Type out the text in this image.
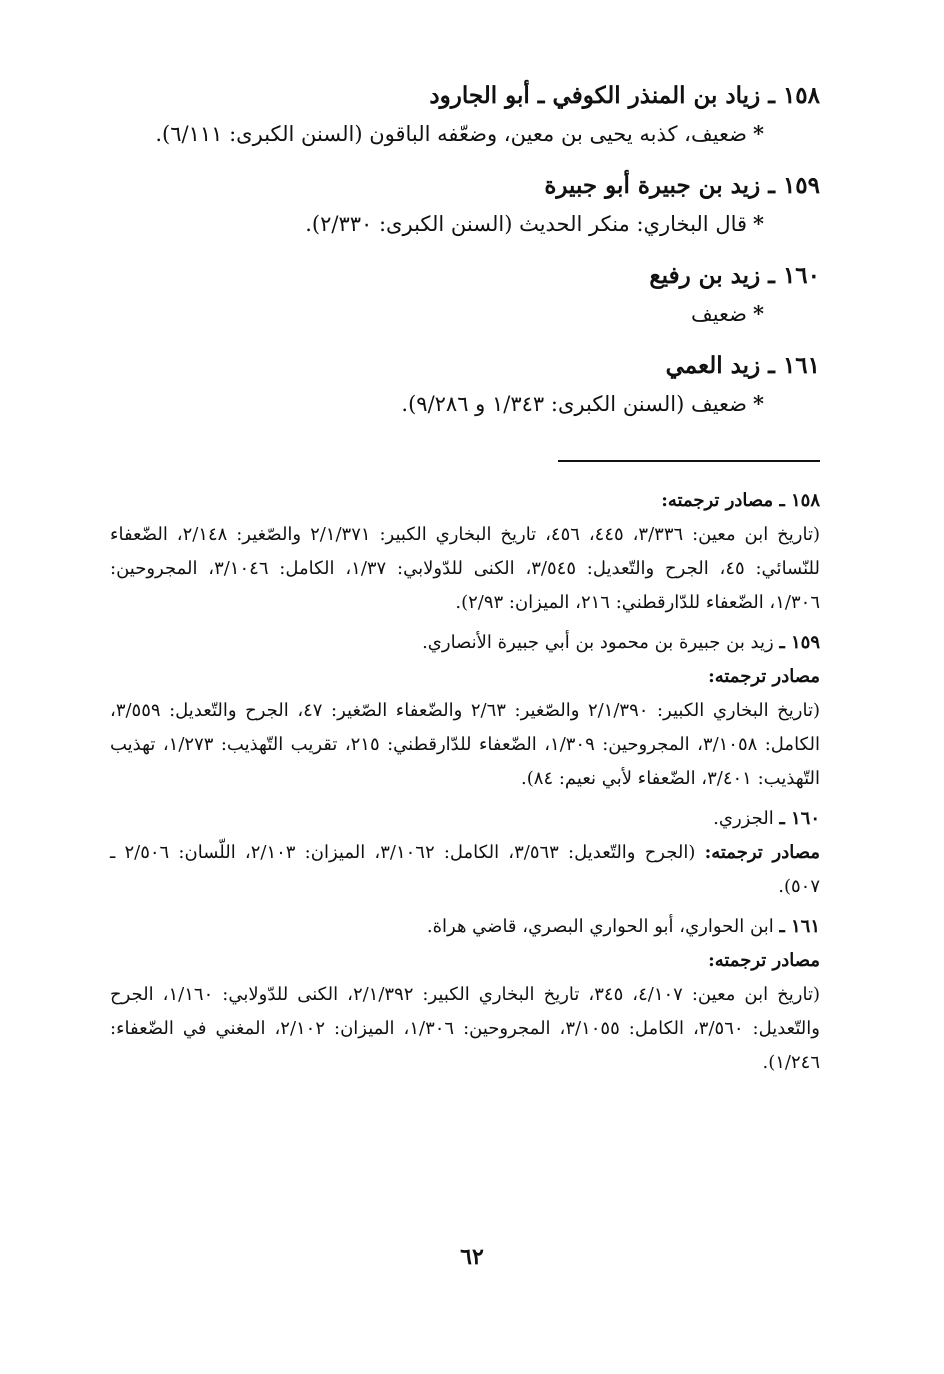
١٥٨ ـ زياد بن المنذر الكوفي ـ أبو الجارود

*ضعيف، كذبه يحيى بن معين، وضعّفه الباقون (السنن الكبرى: ٦/١١١).

١٥٩ ـ زيد بن جبيرة أبو جبيرة

*قال البخاري: منكر الحديث (السنن الكبرى: ٢/٣٣٠).

١٦٠ ـ زيد بن رفيع

*ضعيف

١٦١ ـ زيد العمي

*ضعيف (السنن الكبرى: ١/٣٤٣ و ٩/٢٨٦).

١٥٨ ـ مصادر ترجمته:

(تاريخ ابن معين: ٣/٣٣٦، ٤٤٥، ٤٥٦، تاريخ البخاري الكبير: ٢/١/٣٧١ والصّغير: ٢/١٤٨، الضّعفاء للنّسائي: ٤٥، الجرح والتّعديل: ٣/٥٤٥، الكنى للدّولابي: ١/٣٧، الكامل: ٣/١٠٤٦، المجروحين: ١/٣٠٦، الضّعفاء للدّارقطني: ٢١٦، الميزان: ٢/٩٣).

١٥٩ ـ زيد بن جبيرة بن محمود بن أبي جبيرة الأنصاري.

مصادر ترجمته:

(تاريخ البخاري الكبير: ٢/١/٣٩٠ والصّغير: ٢/٦٣ والضّعفاء الصّغير: ٤٧، الجرح والتّعديل: ٣/٥٥٩، الكامل: ٣/١٠٥٨، المجروحين: ١/٣٠٩، الضّعفاء للدّارقطني: ٢١٥، تقريب التّهذيب: ١/٢٧٣، تهذيب التّهذيب: ٣/٤٠١، الضّعفاء لأبي نعيم: ٨٤).

١٦٠ ـ الجزري.

مصادر ترجمته: (الجرح والتّعديل: ٣/٥٦٣، الكامل: ٣/١٠٦٢، الميزان: ٢/١٠٣، اللّسان: ٢/٥٠٦ ـ ٥٠٧).

١٦١ ـ ابن الحواري، أبو الحواري البصري، قاضي هراة.

مصادر ترجمته:

(تاريخ ابن معين: ٤/١٠٧، ٣٤٥، تاريخ البخاري الكبير: ٢/١/٣٩٢، الكنى للدّولابي: ١/١٦٠، الجرح والتّعديل: ٣/٥٦٠، الكامل: ٣/١٠٥٥، المجروحين: ١/٣٠٦، الميزان: ٢/١٠٢، المغني في الضّعفاء: ١/٢٤٦).

٦٢
